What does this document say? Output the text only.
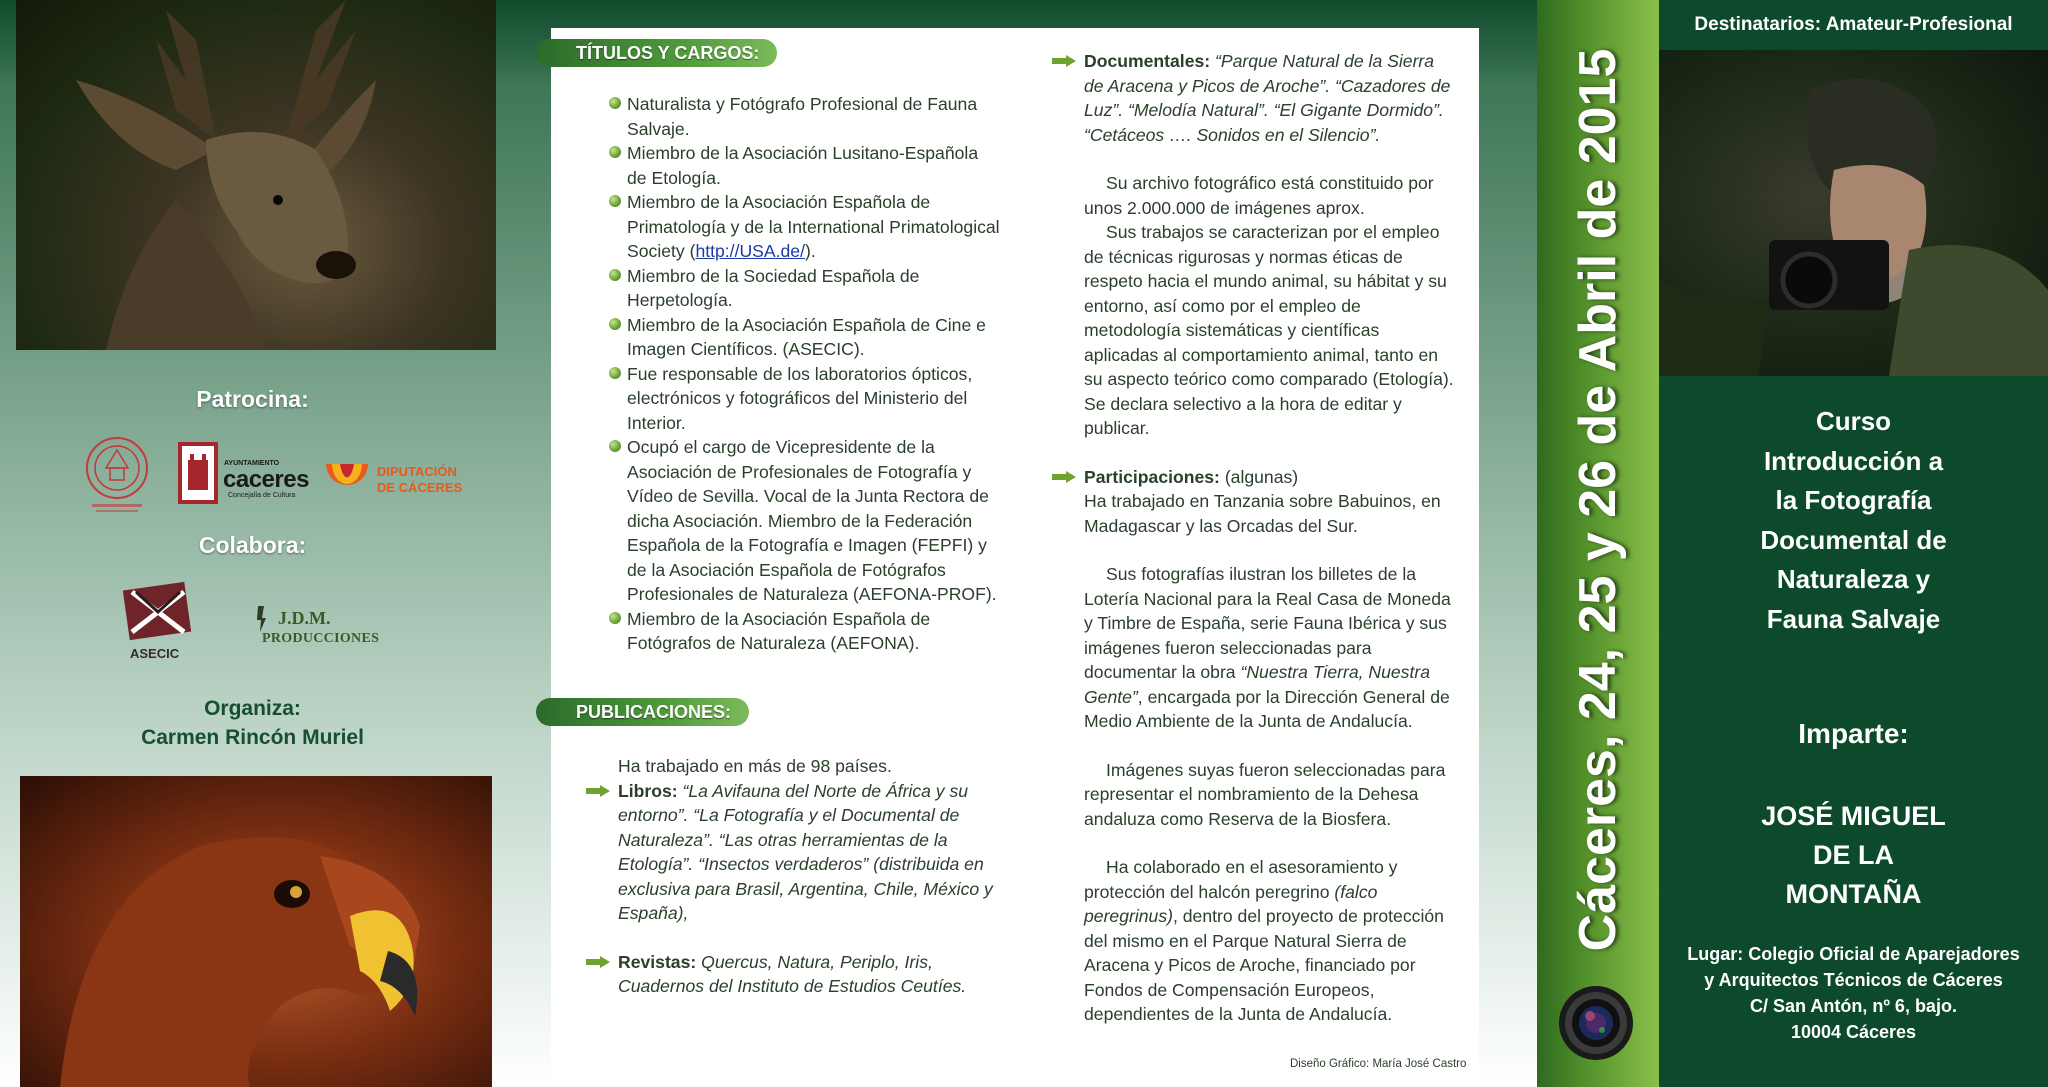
Patrocina:
AYUNTAMIENTO
caceres
Concejalía de Cultura
DIPUTACIÓN
DE CÁCERES
Colabora:
ASECIC
J.D.M.
PRODUCCIONES
Organiza:
Carmen Rincón Muriel
TÍTULOS Y CARGOS:
Naturalista y Fotógrafo Profesional de Fauna Salvaje.
Miembro de la Asociación Lusitano-Española de Etología.
Miembro de la Asociación Española de Primatología y de la International Primatological Society (http://USA.de/).
Miembro de la Sociedad Española de Herpetología.
Miembro de la Asociación Española de Cine e Imagen Científicos. (ASECIC).
Fue responsable de los laboratorios ópticos, electrónicos y fotográficos del Ministerio del Interior.
Ocupó el cargo de Vicepresidente de la Asociación de Profesionales de Fotografía y Vídeo de Sevilla. Vocal de la Junta Rectora de dicha Asociación. Miembro de la Federación Española de la Fotografía e Imagen (FEPFI) y de la Asociación Española de Fotógrafos Profesionales de Naturaleza (AEFONA-PROF).
Miembro de la Asociación Española de Fotógrafos de Naturaleza (AEFONA).
PUBLICACIONES:
Ha trabajado en más de 98 países.
Libros: “La Avifauna del Norte de África y su entorno”. “La Fotografía y el Documental de Naturaleza”. “Las otras herramientas de la Etología”. “Insectos verdaderos” (distribuida en exclusiva para Brasil, Argentina, Chile, México y España),
Revistas: Quercus, Natura, Periplo, Iris, Cuadernos del Instituto de Estudios Ceutíes.
Documentales: “Parque Natural de la Sierra de Aracena y Picos de Aroche”. “Cazadores de Luz”. “Melodía Natural”. “El Gigante Dormido”. “Cetáceos …. Sonidos en el Silencio”.

Su archivo fotográfico está constituido por unos 2.000.000 de imágenes aprox.

Sus trabajos se caracterizan por el empleo de técnicas rigurosas y normas éticas de respeto hacia el mundo animal, su hábitat y su entorno, así como por el empleo de metodología sistemáticas y científicas aplicadas al comportamiento animal, tanto en su aspecto teórico como comparado (Etología). Se declara selectivo a la hora de editar y publicar.

Participaciones: (algunas)
Ha trabajado en Tanzania sobre Babuinos, en Madagascar y las Orcadas del Sur.

Sus fotografías ilustran los billetes de la Lotería Nacional para la Real Casa de Moneda y Timbre de España, serie Fauna Ibérica y sus imágenes fueron seleccionadas para documentar la obra “Nuestra Tierra, Nuestra Gente”, encargada por la Dirección General de Medio Ambiente de la Junta de Andalucía.

Imágenes suyas fueron seleccionadas para representar el nombramiento de la Dehesa andaluza como Reserva de la Biosfera.

Ha colaborado en el asesoramiento y protección del halcón peregrino (falco peregrinus), dentro del proyecto de protección del mismo en el Parque Natural Sierra de Aracena y Picos de Aroche, financiado por Fondos de Compensación Europeos, dependientes de la Junta de Andalucía.

Diseño Gráfico: María José Castro
Cáceres, 24, 25 y 26 de Abril de 2015
Destinatarios: Amateur-Profesional
Curso
Introducción a
la Fotografía
Documental de
Naturaleza y
Fauna Salvaje
Imparte:
JOSÉ MIGUEL
DE LA
MONTAÑA
Lugar: Colegio Oficial de Aparejadores
y Arquitectos Técnicos de Cáceres
C/ San Antón, nº 6, bajo.
10004 Cáceres
